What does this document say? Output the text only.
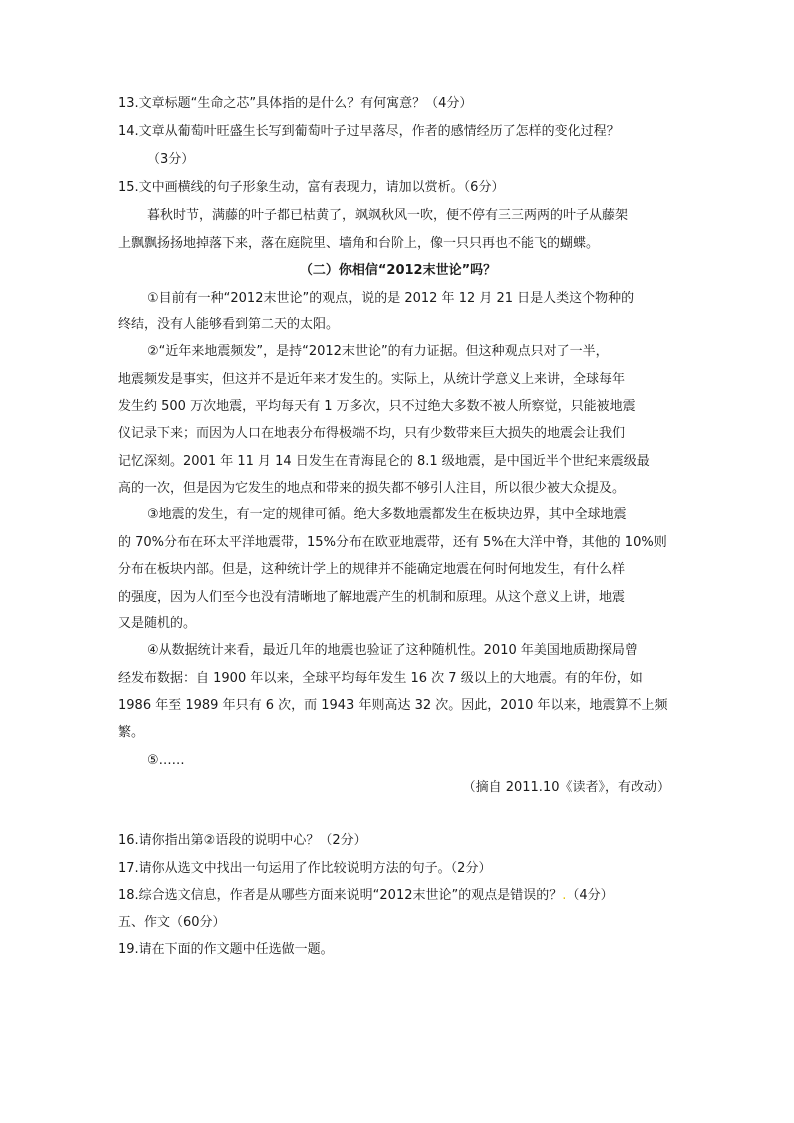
13.文章标题“生命之芯”具体指的是什么？有何寓意？（4分）
14.文章从葡萄叶旺盛生长写到葡萄叶子过早落尽，作者的感情经历了怎样的变化过程？
（3分）
15.文中画横线的句子形象生动，富有表现力，请加以赏析。（6分）
暮秋时节，满藤的叶子都已枯黄了，飒飒秋风一吹，便不停有三三两两的叶子从藤架
上飘飘扬扬地掉落下来，落在庭院里、墙角和台阶上，像一只只再也不能飞的蝴蝶。
（二）你相信“2012末世论”吗？
①目前有一种“2012末世论”的观点，说的是 2012 年 12 月 21 日是人类这个物种的
终结，没有人能够看到第二天的太阳。
②“近年来地震频发”，是持“2012末世论”的有力证据。但这种观点只对了一半，
地震频发是事实，但这并不是近年来才发生的。实际上，从统计学意义上来讲，全球每年
发生约 500 万次地震，平均每天有 1 万多次，只不过绝大多数不被人所察觉，只能被地震
仪记录下来；而因为人口在地表分布得极端不均，只有少数带来巨大损失的地震会让我们
记忆深刻。2001 年 11 月 14 日发生在青海昆仑的 8.1 级地震，是中国近半个世纪来震级最
高的一次，但是因为它发生的地点和带来的损失都不够引人注目，所以很少被大众提及。
③地震的发生，有一定的规律可循。绝大多数地震都发生在板块边界，其中全球地震
的 70%分布在环太平洋地震带，15%分布在欧亚地震带，还有 5%在大洋中脊，其他的 10%则
分布在板块内部。但是，这种统计学上的规律并不能确定地震在何时何地发生，有什么样
的强度，因为人们至今也没有清晰地了解地震产生的机制和原理。从这个意义上讲，地震
又是随机的。
④从数据统计来看，最近几年的地震也验证了这种随机性。2010 年美国地质勘探局曾
经发布数据：自 1900 年以来，全球平均每年发生 16 次 7 级以上的大地震。有的年份，如
1986 年至 1989 年只有 6 次，而 1943 年则高达 32 次。因此，2010 年以来，地震算不上频
繁。
⑤……
（摘自 2011.10《读者》，有改动）
16.请你指出第②语段的说明中心？（2分）
17.请你从选文中找出一句运用了作比较说明方法的句子。（2分）
18.综合选文信息，作者是从哪些方面来说明“2012末世论”的观点是错误的？.（4分）
五、作文（60分）
19.请在下面的作文题中任选做一题。
